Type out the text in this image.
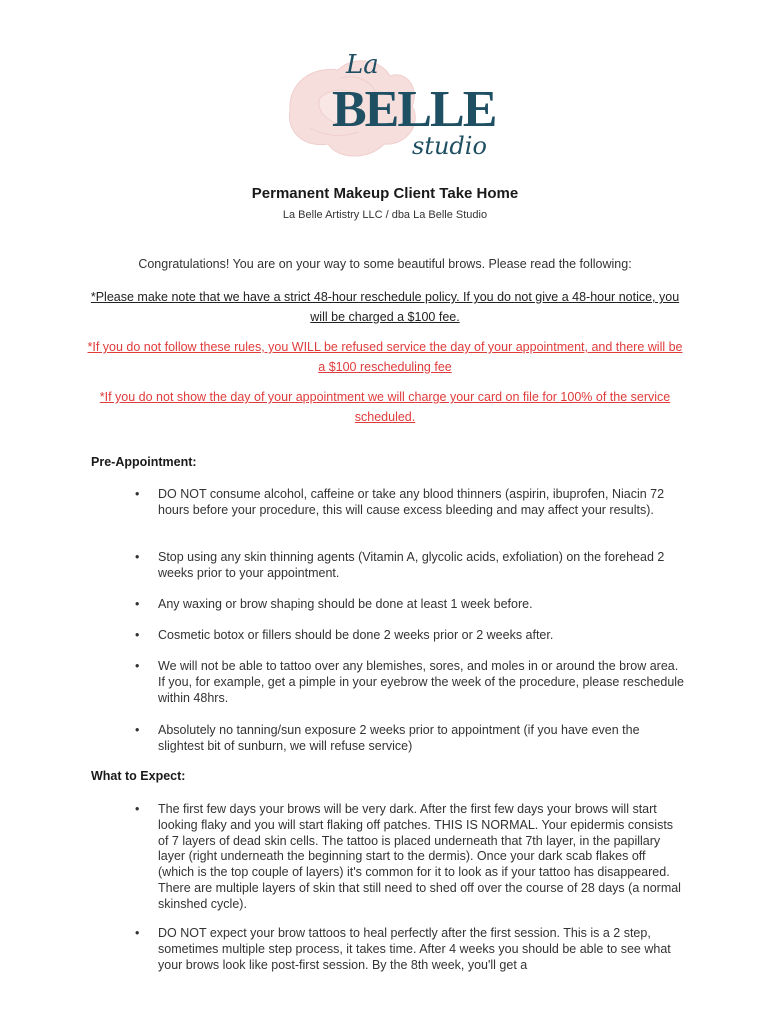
La
BELLE
studio
Permanent Makeup Client Take Home
La Belle Artistry LLC / dba La Belle Studio
Congratulations! You are on your way to some beautiful brows. Please read the following:
*Please make note that we have a strict 48-hour reschedule policy. If you do not give a 48-hour notice, you will be charged a $100 fee.
*If you do not follow these rules, you WILL be refused service the day of your appointment, and there will be a $100 rescheduling fee
*If you do not show the day of your appointment we will charge your card on file for 100% of the service scheduled.
Pre-Appointment:
•	DO NOT consume alcohol, caffeine or take any blood thinners (aspirin, ibuprofen, Niacin 72 hours before your procedure, this will cause excess bleeding and may affect your results).
•	Stop using any skin thinning agents (Vitamin A, glycolic acids, exfoliation) on the forehead 2 weeks prior to your appointment.
•	Any waxing or brow shaping should be done at least 1 week before.
•	Cosmetic botox or fillers should be done 2 weeks prior or 2 weeks after.
•	We will not be able to tattoo over any blemishes, sores, and moles in or around the brow area. If you, for example, get a pimple in your eyebrow the week of the procedure, please reschedule within 48hrs.
•	Absolutely no tanning/sun exposure 2 weeks prior to appointment (if you have even the slightest bit of sunburn, we will refuse service)
What to Expect:
•	The first few days your brows will be very dark. After the first few days your brows will start looking flaky and you will start flaking off patches. THIS IS NORMAL. Your epidermis consists of 7 layers of dead skin cells. The tattoo is placed underneath that 7th layer, in the papillary layer (right underneath the beginning start to the dermis). Once your dark scab flakes off (which is the top couple of layers) it's common for it to look as if your tattoo has disappeared. There are multiple layers of skin that still need to shed off over the course of 28 days (a normal skinshed cycle).
•	DO NOT expect your brow tattoos to heal perfectly after the first session. This is a 2 step, sometimes multiple step process, it takes time. After 4 weeks you should be able to see what your brows look like post-first session. By the 8th week, you'll get a
